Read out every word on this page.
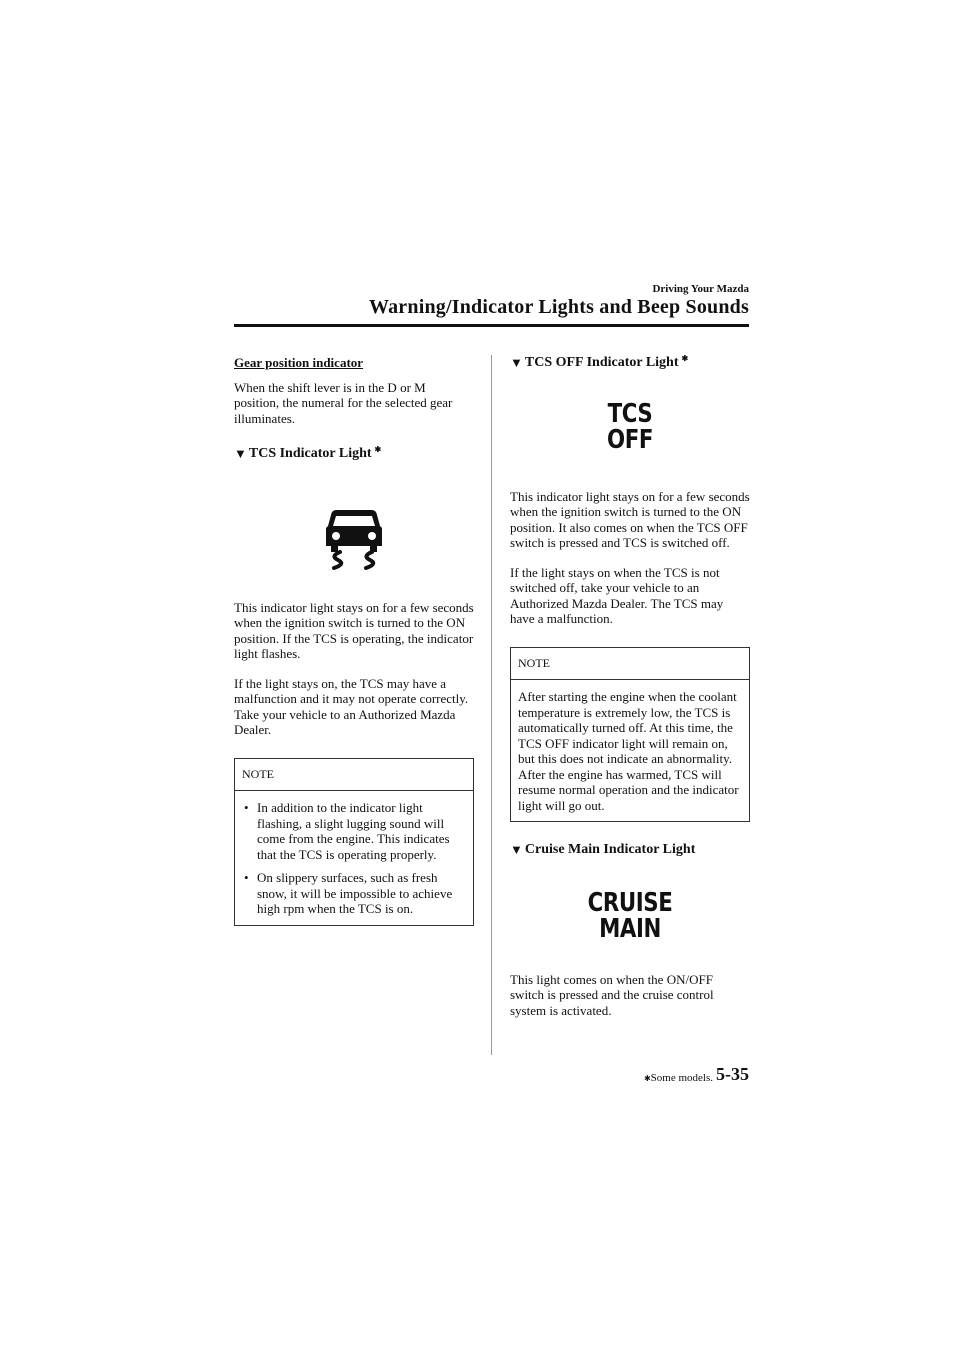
Driving Your Mazda
Warning/Indicator Lights and Beep Sounds
Gear position indicator

When the shift lever is in the D or M position, the numeral for the selected gear illuminates.

▼ TCS Indicator Light ✱

This indicator light stays on for a few seconds when the ignition switch is turned to the ON position. If the TCS is operating, the indicator light flashes.

If the light stays on, the TCS may have a malfunction and it may not operate correctly. Take your vehicle to an Authorized Mazda Dealer.

NOTE
• In addition to the indicator light flashing, a slight lugging sound will come from the engine. This indicates that the TCS is operating properly.
• On slippery surfaces, such as fresh snow, it will be impossible to achieve high rpm when the TCS is on.
▼ TCS OFF Indicator Light ✱
TCS
OFF

This indicator light stays on for a few seconds when the ignition switch is turned to the ON position. It also comes on when the TCS OFF switch is pressed and TCS is switched off.

If the light stays on when the TCS is not switched off, take your vehicle to an Authorized Mazda Dealer. The TCS may have a malfunction.

NOTE
After starting the engine when the coolant temperature is extremely low, the TCS is automatically turned off. At this time, the TCS OFF indicator light will remain on, but this does not indicate an abnormality. After the engine has warmed, TCS will resume normal operation and the indicator light will go out.
▼ Cruise Main Indicator Light
CRUISE
MAIN

This light comes on when the ON/OFF switch is pressed and the cruise control system is activated.

✱Some models. 5-35
